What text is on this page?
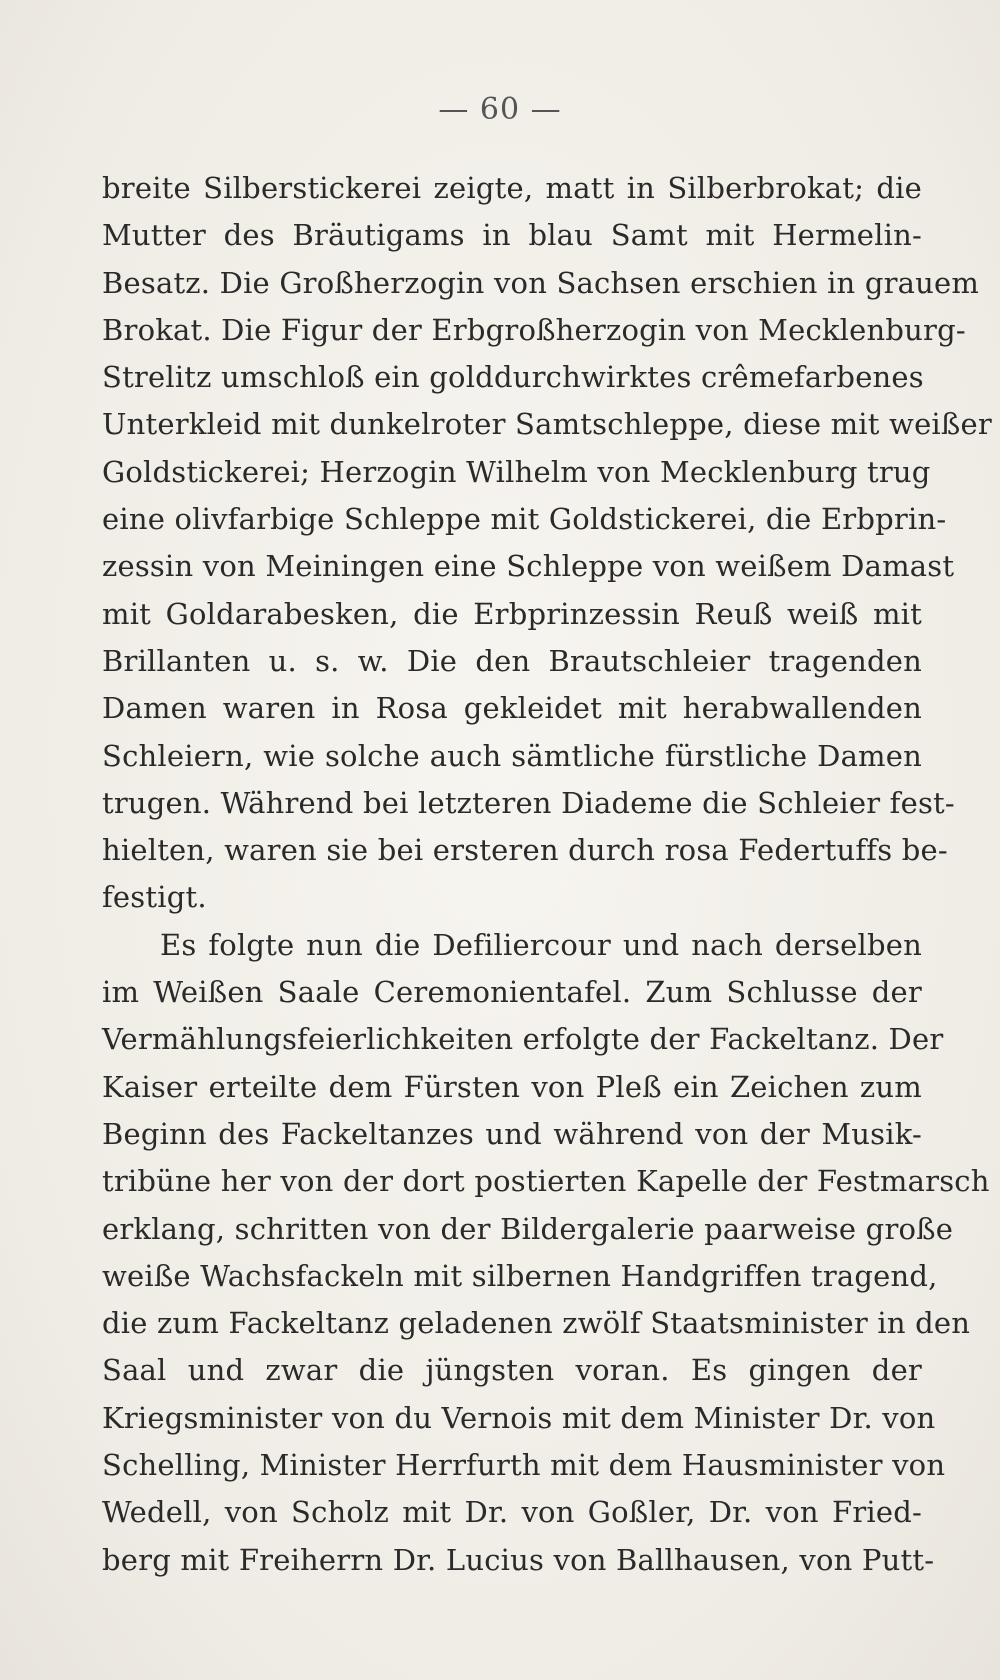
— 60 —
breite Silberstickerei zeigte, matt in Silberbrokat; die
Mutter des Bräutigams in blau Samt mit Hermelin-
Besatz. Die Großherzogin von Sachsen erschien in grauem
Brokat. Die Figur der Erbgroßherzogin von Mecklenburg-
Strelitz umschloß ein golddurchwirktes crêmefarbenes
Unterkleid mit dunkelroter Samtschleppe, diese mit weißer
Goldstickerei; Herzogin Wilhelm von Mecklenburg trug
eine olivfarbige Schleppe mit Goldstickerei, die Erbprin-
zessin von Meiningen eine Schleppe von weißem Damast
mit Goldarabesken, die Erbprinzessin Reuß weiß mit
Brillanten u. s. w. Die den Brautschleier tragenden
Damen waren in Rosa gekleidet mit herabwallenden
Schleiern, wie solche auch sämtliche fürstliche Damen
trugen. Während bei letzteren Diademe die Schleier fest-
hielten, waren sie bei ersteren durch rosa Federtuffs be-
festigt.
Es folgte nun die Defiliercour und nach derselben
im Weißen Saale Ceremonientafel. Zum Schlusse der
Vermählungsfeierlichkeiten erfolgte der Fackeltanz. Der
Kaiser erteilte dem Fürsten von Pleß ein Zeichen zum
Beginn des Fackeltanzes und während von der Musik-
tribüne her von der dort postierten Kapelle der Festmarsch
erklang, schritten von der Bildergalerie paarweise große
weiße Wachsfackeln mit silbernen Handgriffen tragend,
die zum Fackeltanz geladenen zwölf Staatsminister in den
Saal und zwar die jüngsten voran. Es gingen der
Kriegsminister von du Vernois mit dem Minister Dr. von
Schelling, Minister Herrfurth mit dem Hausminister von
Wedell, von Scholz mit Dr. von Goßler, Dr. von Fried-
berg mit Freiherrn Dr. Lucius von Ballhausen, von Putt-
